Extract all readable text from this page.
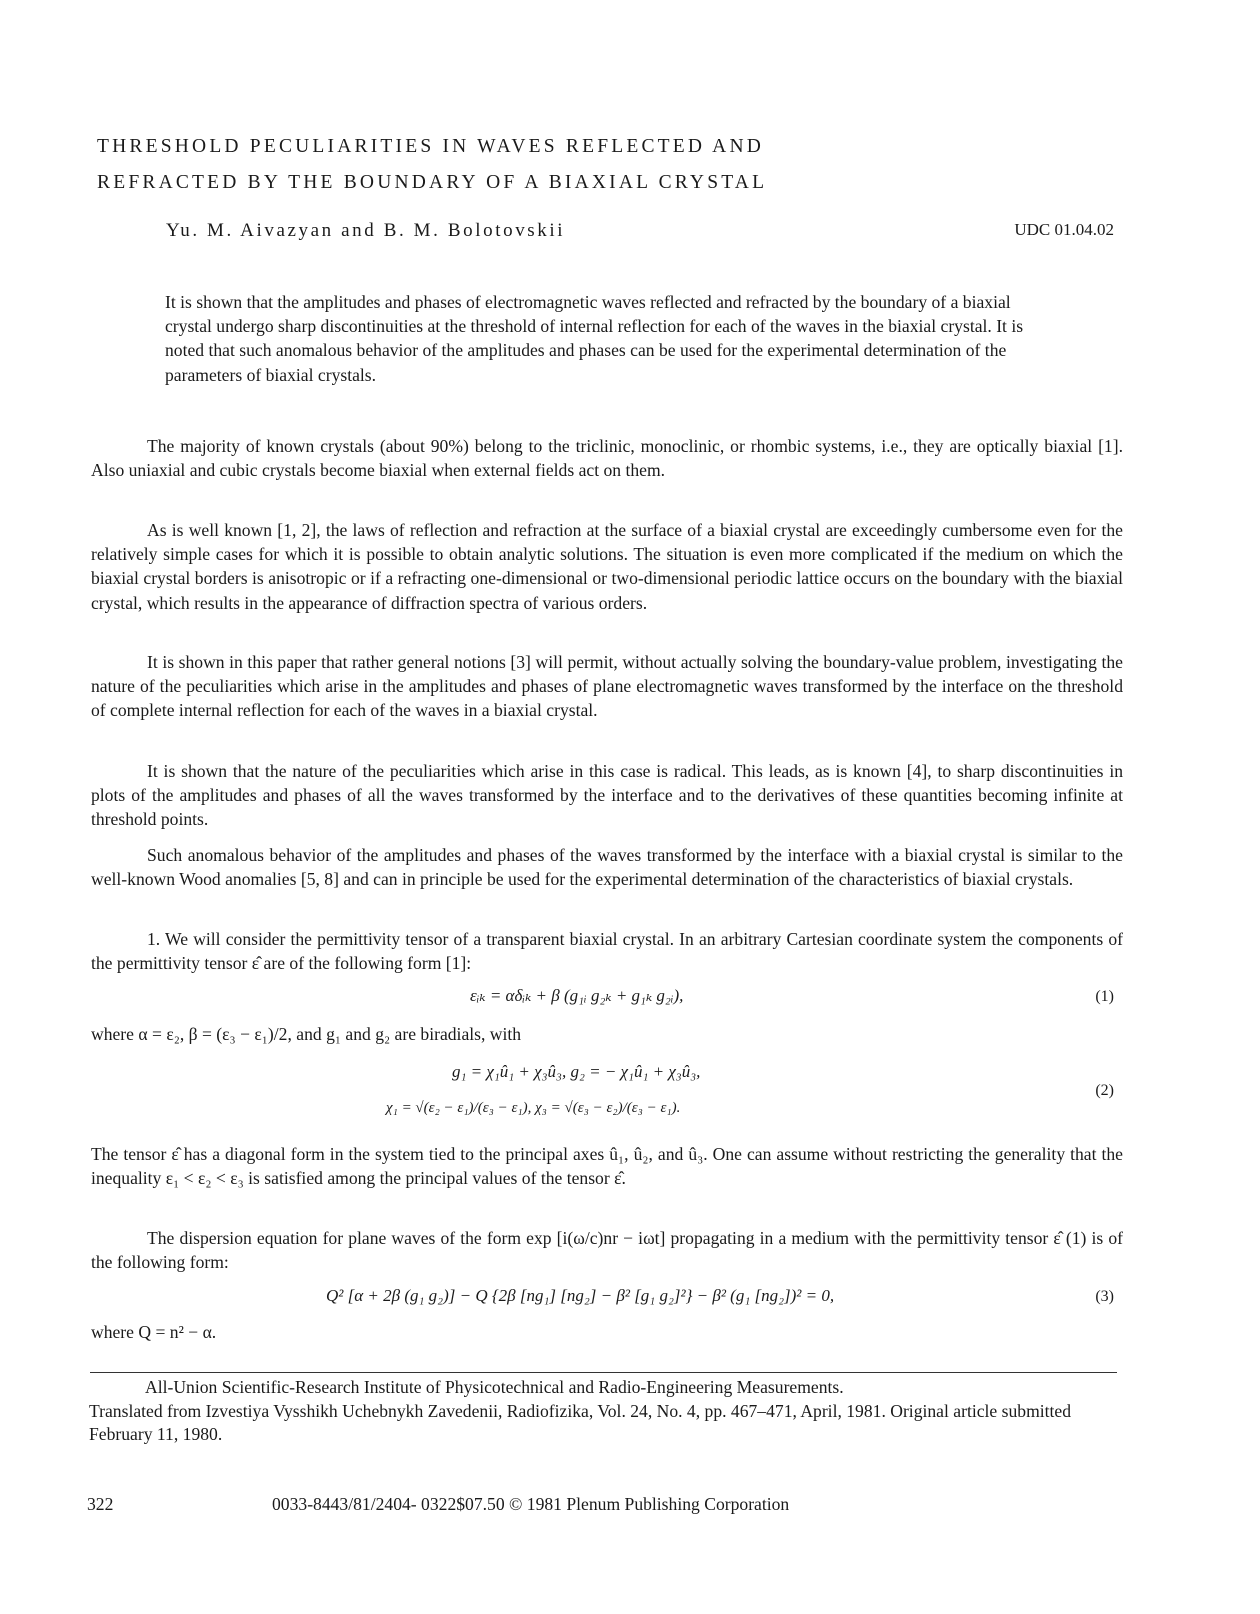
THRESHOLD PECULIARITIES IN WAVES REFLECTED AND
REFRACTED BY THE BOUNDARY OF A BIAXIAL CRYSTAL
Yu. M. Aivazyan and B. M. Bolotovskii	UDC 01.04.02
It is shown that the amplitudes and phases of electromagnetic waves reflected and refracted by the boundary of a biaxial crystal undergo sharp discontinuities at the threshold of internal reflection for each of the waves in the biaxial crystal. It is noted that such anomalous behavior of the amplitudes and phases can be used for the experimental determination of the parameters of biaxial crystals.
The majority of known crystals (about 90%) belong to the triclinic, monoclinic, or rhombic systems, i.e., they are optically biaxial [1]. Also uniaxial and cubic crystals become biaxial when external fields act on them.
As is well known [1, 2], the laws of reflection and refraction at the surface of a biaxial crystal are exceedingly cumbersome even for the relatively simple cases for which it is possible to obtain analytic solutions. The situation is even more complicated if the medium on which the biaxial crystal borders is anisotropic or if a refracting one-dimensional or two-dimensional periodic lattice occurs on the boundary with the biaxial crystal, which results in the appearance of diffraction spectra of various orders.
It is shown in this paper that rather general notions [3] will permit, without actually solving the boundary-value problem, investigating the nature of the peculiarities which arise in the amplitudes and phases of plane electromagnetic waves transformed by the interface on the threshold of complete internal reflection for each of the waves in a biaxial crystal.
It is shown that the nature of the peculiarities which arise in this case is radical. This leads, as is known [4], to sharp discontinuities in plots of the amplitudes and phases of all the waves transformed by the interface and to the derivatives of these quantities becoming infinite at threshold points.
Such anomalous behavior of the amplitudes and phases of the waves transformed by the interface with a biaxial crystal is similar to the well-known Wood anomalies [5, 8] and can in principle be used for the experimental determination of the characteristics of biaxial crystals.
1. We will consider the permittivity tensor of a transparent biaxial crystal. In an arbitrary Cartesian coordinate system the components of the permittivity tensor ε̂ are of the following form [1]:
εᵢₖ = αδᵢₖ + β (g₁ᵢ g₂ₖ + g₁ₖ g₂ᵢ),	(1)
where α = ε₂, β = (ε₃ − ε₁)/2, and g₁ and g₂ are biradials, with
g₁ = χ₁û₁ + χ₃û₃, g₂ = − χ₁û₁ + χ₃û₃,
χ₁ = √(ε₂ − ε₁)/(ε₃ − ε₁), χ₃ = √(ε₃ − ε₂)/(ε₃ − ε₁).
(2)
The tensor ε̂ has a diagonal form in the system tied to the principal axes û₁, û₂, and û₃. One can assume without restricting the generality that the inequality ε₁ < ε₂ < ε₃ is satisfied among the principal values of the tensor ε̂.
The dispersion equation for plane waves of the form exp [i(ω/c)nr − iωt] propagating in a medium with the permittivity tensor ε̂ (1) is of the following form:
Q² [α + 2β (g₁ g₂)] − Q {2β [ng₁] [ng₂] − β² [g₁ g₂]²} − β² (g₁ [ng₂])² = 0,	(3)
where Q = n² − α.
All-Union Scientific-Research Institute of Physicotechnical and Radio-Engineering Measurements.
Translated from Izvestiya Vysshikh Uchebnykh Zavedenii, Radiofizika, Vol. 24, No. 4, pp. 467–471, April, 1981. Original article submitted February 11, 1980.
322	0033-8443/81/2404- 0322$07.50 © 1981 Plenum Publishing Corporation
